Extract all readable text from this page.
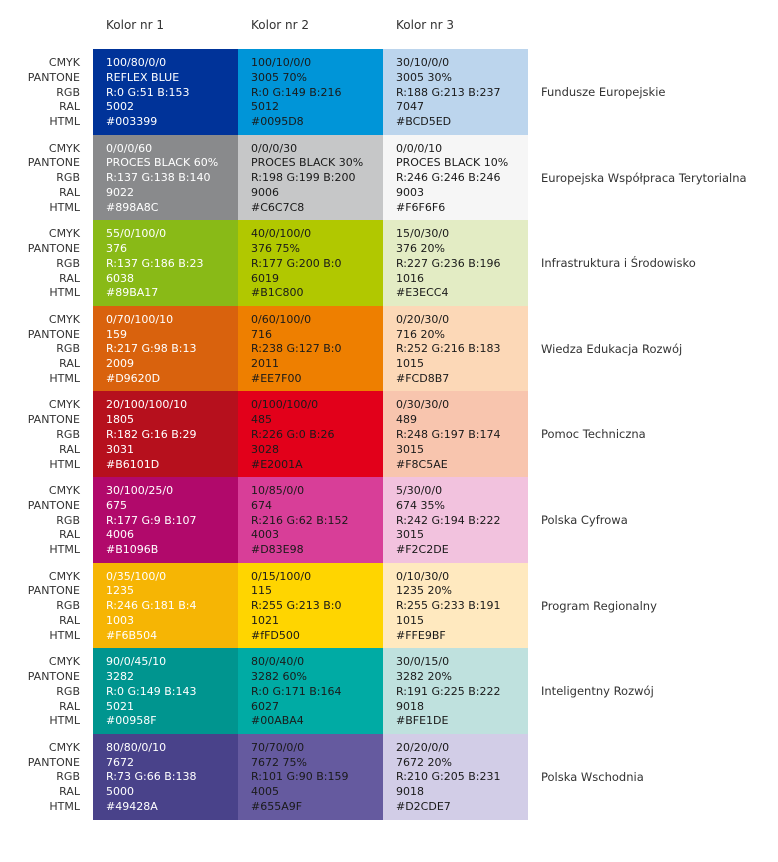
Kolor nr 1	Kolor nr 2	Kolor nr 3
CMYK
PANTONE
RGB
RAL
HTML
100/80/0/0
REFLEX BLUE
R:0 G:51 B:153
5002
#003399
100/10/0/0
3005 70%
R:0 G:149 B:216
5012
#0095D8
30/10/0/0
3005 30%
R:188 G:213 B:237
7047
#BCD5ED
Fundusze Europejskie
CMYK
PANTONE
RGB
RAL
HTML
0/0/0/60
PROCES BLACK 60%
R:137 G:138 B:140
9022
#898A8C
0/0/0/30
PROCES BLACK 30%
R:198 G:199 B:200
9006
#C6C7C8
0/0/0/10
PROCES BLACK 10%
R:246 G:246 B:246
9003
#F6F6F6
Europejska Współpraca Terytorialna
CMYK
PANTONE
RGB
RAL
HTML
55/0/100/0
376
R:137 G:186 B:23
6038
#89BA17
40/0/100/0
376 75%
R:177 G:200 B:0
6019
#B1C800
15/0/30/0
376 20%
R:227 G:236 B:196
1016
#E3ECC4
Infrastruktura i Środowisko
CMYK
PANTONE
RGB
RAL
HTML
0/70/100/10
159
R:217 G:98 B:13
2009
#D9620D
0/60/100/0
716
R:238 G:127 B:0
2011
#EE7F00
0/20/30/0
716 20%
R:252 G:216 B:183
1015
#FCD8B7
Wiedza Edukacja Rozwój
CMYK
PANTONE
RGB
RAL
HTML
20/100/100/10
1805
R:182 G:16 B:29
3031
#B6101D
0/100/100/0
485
R:226 G:0 B:26
3028
#E2001A
0/30/30/0
489
R:248 G:197 B:174
3015
#F8C5AE
Pomoc Techniczna
CMYK
PANTONE
RGB
RAL
HTML
30/100/25/0
675
R:177 G:9 B:107
4006
#B1096B
10/85/0/0
674
R:216 G:62 B:152
4003
#D83E98
5/30/0/0
674 35%
R:242 G:194 B:222
3015
#F2C2DE
Polska Cyfrowa
CMYK
PANTONE
RGB
RAL
HTML
0/35/100/0
1235
R:246 G:181 B:4
1003
#F6B504
0/15/100/0
115
R:255 G:213 B:0
1021
#fFD500
0/10/30/0
1235 20%
R:255 G:233 B:191
1015
#FFE9BF
Program Regionalny
CMYK
PANTONE
RGB
RAL
HTML
90/0/45/10
3282
R:0 G:149 B:143
5021
#00958F
80/0/40/0
3282 60%
R:0 G:171 B:164
6027
#00ABA4
30/0/15/0
3282 20%
R:191 G:225 B:222
9018
#BFE1DE
Inteligentny Rozwój
CMYK
PANTONE
RGB
RAL
HTML
80/80/0/10
7672
R:73 G:66 B:138
5000
#49428A
70/70/0/0
7672 75%
R:101 G:90 B:159
4005
#655A9F
20/20/0/0
7672 20%
R:210 G:205 B:231
9018
#D2CDE7
Polska Wschodnia
